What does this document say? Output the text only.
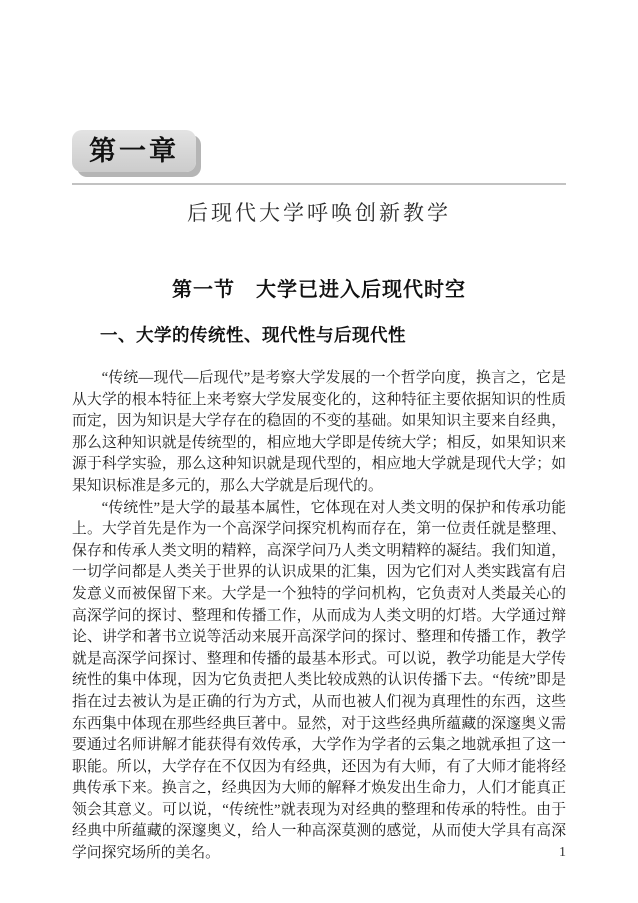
第一章
后现代大学呼唤创新教学
第一节　大学已进入后现代时空
一、大学的传统性、现代性与后现代性

“传统—现代—后现代”是考察大学发展的一个哲学向度，换言之，它是从大学的根本特征上来考察大学发展变化的，这种特征主要依据知识的性质而定，因为知识是大学存在的稳固的不变的基础。如果知识主要来自经典，那么这种知识就是传统型的，相应地大学即是传统大学；相反，如果知识来源于科学实验，那么这种知识就是现代型的，相应地大学就是现代大学；如果知识标准是多元的，那么大学就是后现代的。

“传统性”是大学的最基本属性，它体现在对人类文明的保护和传承功能上。大学首先是作为一个高深学问探究机构而存在，第一位责任就是整理、保存和传承人类文明的精粹，高深学问乃人类文明精粹的凝结。我们知道，一切学问都是人类关于世界的认识成果的汇集，因为它们对人类实践富有启发意义而被保留下来。大学是一个独特的学问机构，它负责对人类最关心的高深学问的探讨、整理和传播工作，从而成为人类文明的灯塔。大学通过辩论、讲学和著书立说等活动来展开高深学问的探讨、整理和传播工作，教学就是高深学问探讨、整理和传播的最基本形式。可以说，教学功能是大学传统性的集中体现，因为它负责把人类比较成熟的认识传播下去。“传统”即是指在过去被认为是正确的行为方式，从而也被人们视为真理性的东西，这些东西集中体现在那些经典巨著中。显然，对于这些经典所蕴藏的深邃奥义需要通过名师讲解才能获得有效传承，大学作为学者的云集之地就承担了这一职能。所以，大学存在不仅因为有经典，还因为有大师，有了大师才能将经典传承下来。换言之，经典因为大师的解释才焕发出生命力，人们才能真正领会其意义。可以说，“传统性”就表现为对经典的整理和传承的特性。由于经典中所蕴藏的深邃奥义，给人一种高深莫测的感觉，从而使大学具有高深学问探究场所的美名。	1
